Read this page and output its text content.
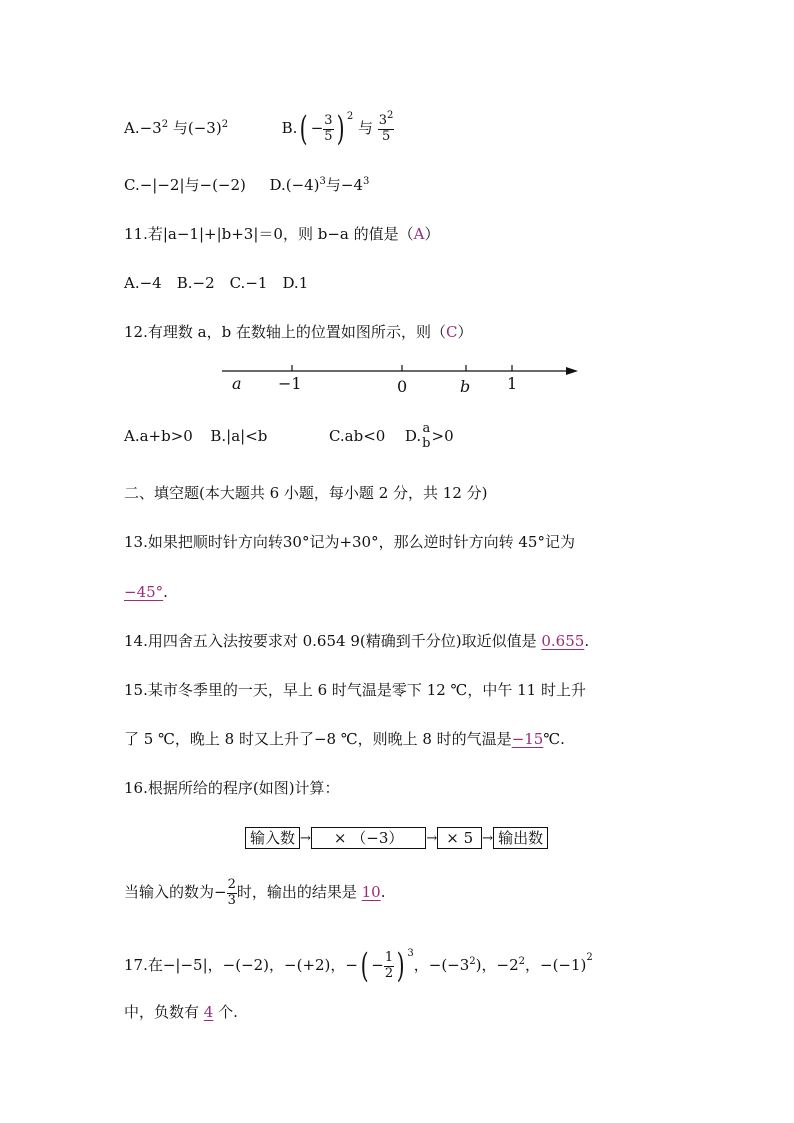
$A.-3^2$ 与$(-3)^2$	$B.( - \frac{3}{5}$ ) $^2$ 与 $\frac{3^2}{5}$
C.−|−2|与−(−2) $D.(-4)^3$与$-4^3$
11.若|a−1|+|b+3|＝0，则 b−a 的值是（A）
A.−4　B.−2　C.−1　D.1
12.有理数 a，b 在数轴上的位置如图所示，则（C）
a −1	0	b 1
A.a+b>0 B.|a|<b	C.ab<0 D. a
b >0
二、填空题(本大题共 6 小题，每小题 2 分，共 12 分)
13.如果把顺时针方向转30°记为+30°，那么逆时针方向转 45°记为
−45°.
14.用四舍五入法按要求对 0.654 9(精确到千分位)取近似值是 0.655.
15.某市冬季里的一天，早上 6 时气温是零下 12 ℃，中午 11 时上升
了 5 ℃，晚上 8 时又上升了−8 ℃，则晚上 8 时的气温是−15℃.
16.根据所给的程序(如图)计算：
输入数 → × （−3） → × 5 → 输出数
当输入的数为− $\frac{2}{3}$ 时，输出的结果是 10.
17.在−|−5|，−(−2)，−(+2)，−( − $\frac{1}{2}$ ) $^3$，$-(-3^2)$，$-2^2$，$-(-1)^2$
中，负数有 4 个.
